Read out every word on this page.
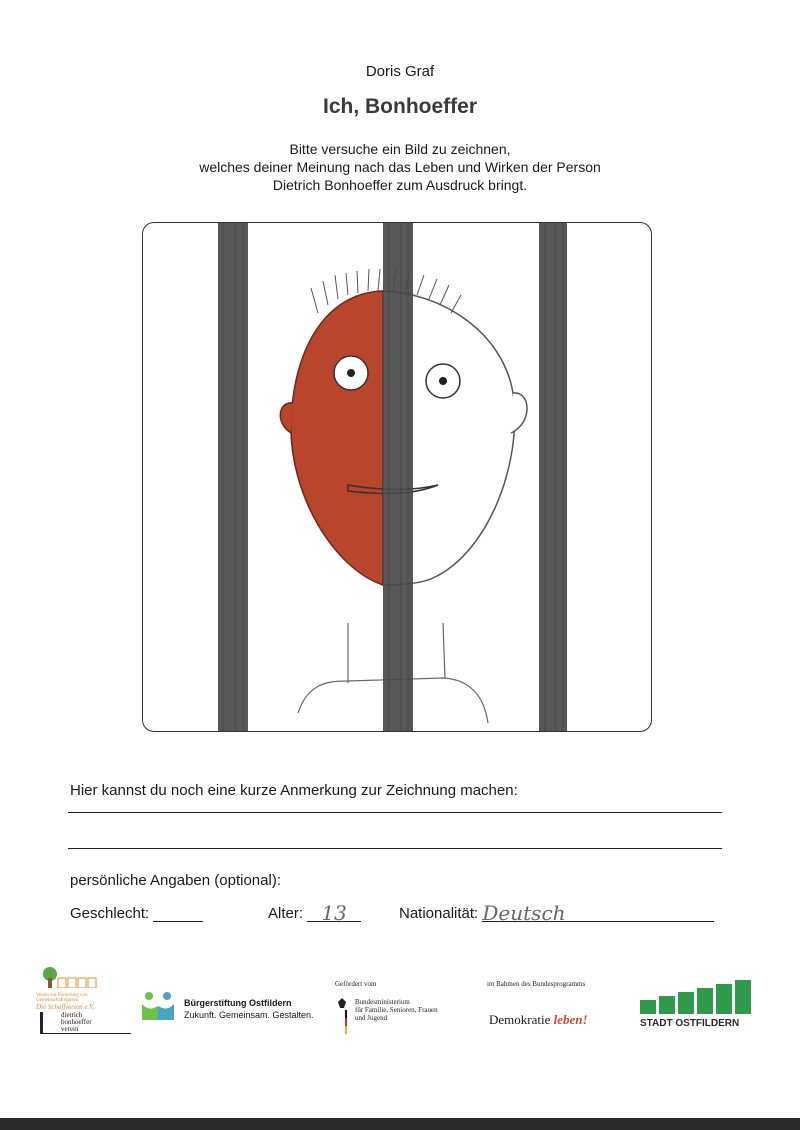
Doris Graf
Ich, Bonhoeffer
Bitte versuche ein Bild zu zeichnen,
welches deiner Meinung nach das Leben und Wirken der Person
Dietrich Bonhoeffer zum Ausdruck bringt.
Hier kannst du noch eine kurze Anmerkung zur Zeichnung machen:
persönliche Angaben (optional):
Geschlecht:	Alter: 13	Nationalität: Deutsch
Verein zur Förderung von Gemeinschaftsgarten
Die Schaffwesen e.V.
dietrich
bonhoeffer
verein
Bürgerstiftung Ostfildern
Zukunft. Gemeinsam. Gestalten.
Gefördert vom
Bundesministerium
für Familie, Senioren, Frauen
und Jugend
im Rahmen des Bundesprogramms
Demokratie leben!	STADT OSTFILDERN
